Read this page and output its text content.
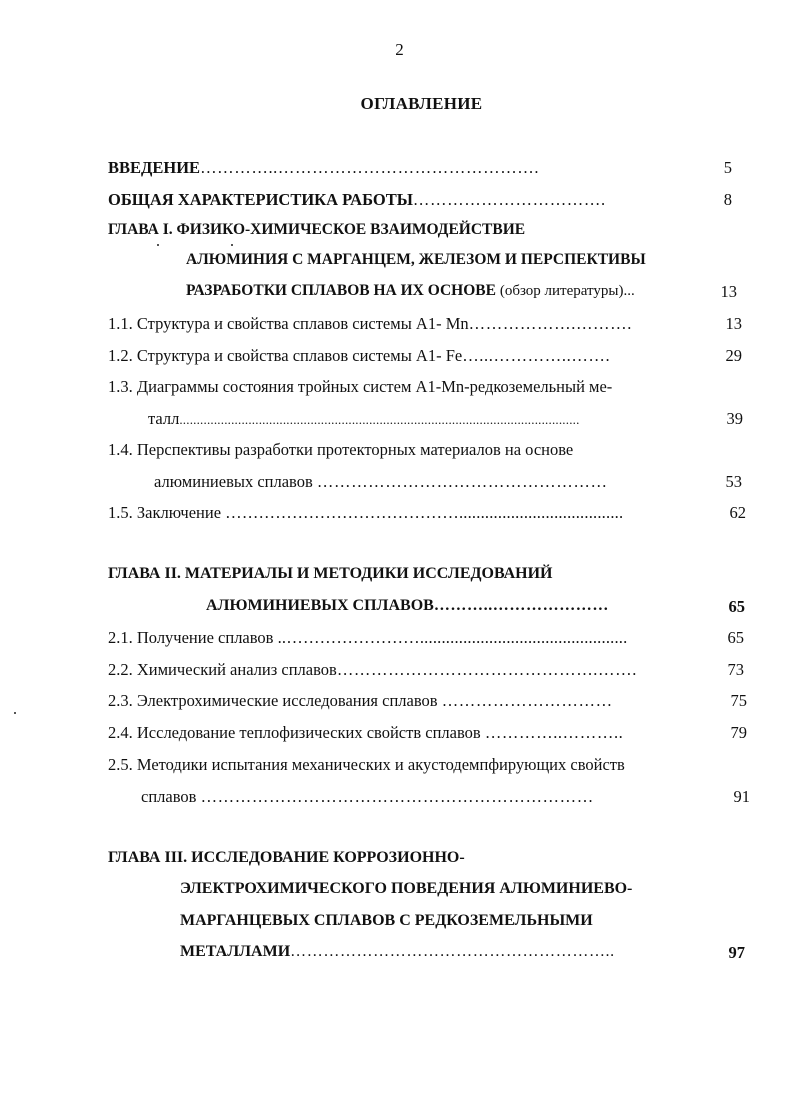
2
ОГЛАВЛЕНИЕ
ВВЕДЕНИЕ…………..……………………………………….	5
ОБЩАЯ ХАРАКТЕРИСТИКА РАБОТЫ…………………………….	8
ГЛАВА I. ФИЗИКО-ХИМИЧЕСКОЕ ВЗАИМОДЕЙСТВИЕ
АЛЮМИНИЯ С МАРГАНЦЕМ, ЖЕЛЕЗОМ И ПЕРСПЕКТИВЫ
РАЗРАБОТКИ СПЛАВОВ НА ИХ ОСНОВЕ (обзор литературы)...	13
1.1. Структура и свойства сплавов системы А1- Мn……………….……….	13
1.2. Структура и свойства сплавов системы А1- Fe…...…………..…….	29
1.3. Диаграммы состояния тройных систем А1-Mn-редкоземельный ме-
талл....................................................................................................................	39
1.4. Перспективы разработки протекторных материалов на основе
алюминиевых сплавов ……………………………………………	53
1.5. Заключение ……………………………………......................................	62
ГЛАВА II. МАТЕРИАЛЫ И МЕТОДИКИ ИССЛЕДОВАНИЙ
АЛЮМИНИЕВЫХ СПЛАВОВ………..…………………	65
2.1. Получение сплавов ..……………………................................................	65
2.2. Химический анализ сплавов……………………………………….…….	73
2.3. Электрохимические исследования сплавов …………………………	75
2.4. Исследование теплофизических свойств сплавов …………..………..	79
2.5. Методики испытания механических и акустодемпфирующих свойств
сплавов ……………………………………………………………	91
ГЛАВА III. ИССЛЕДОВАНИЕ КОРРОЗИОННО-
ЭЛЕКТРОХИМИЧЕСКОГО ПОВЕДЕНИЯ АЛЮМИНИЕВО-
МАРГАНЦЕВЫХ СПЛАВОВ С РЕДКОЗЕМЕЛЬНЫМИ
МЕТАЛЛАМИ…………………………………………………..	97
